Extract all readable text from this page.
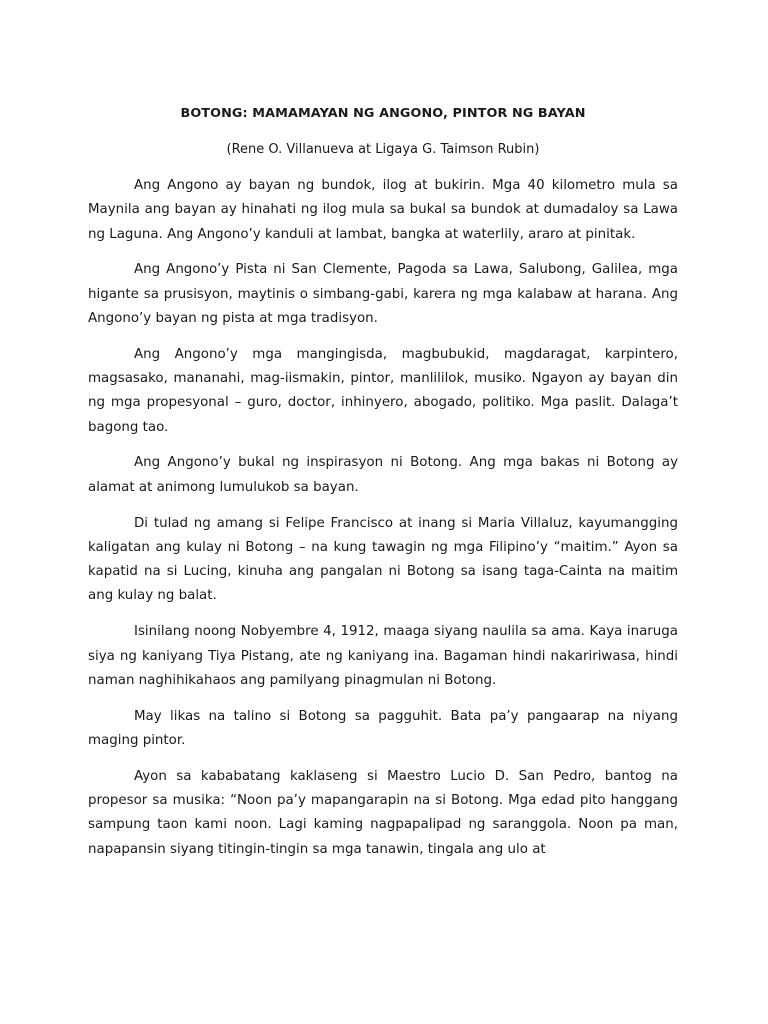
BOTONG: MAMAMAYAN NG ANGONO, PINTOR NG BAYAN
(Rene O. Villanueva at Ligaya G. Taimson Rubin)

Ang Angono ay bayan ng bundok, ilog at bukirin. Mga 40 kilometro mula sa Maynila ang bayan ay hinahati ng ilog mula sa bukal sa bundok at dumadaloy sa Lawa ng Laguna. Ang Angono’y kanduli at lambat, bangka at waterlily, araro at pinitak.

Ang Angono’y Pista ni San Clemente, Pagoda sa Lawa, Salubong, Galilea, mga higante sa prusisyon, maytinis o simbang-gabi, karera ng mga kalabaw at harana. Ang Angono’y bayan ng pista at mga tradisyon.

Ang Angono’y mga mangingisda, magbubukid, magdaragat, karpintero, magsasako, mananahi, mag-iismakin, pintor, manlililok, musiko. Ngayon ay bayan din ng mga propesyonal – guro, doctor, inhinyero, abogado, politiko. Mga paslit. Dalaga’t bagong tao.

Ang Angono’y bukal ng inspirasyon ni Botong. Ang mga bakas ni Botong ay alamat at animong lumulukob sa bayan.

Di tulad ng amang si Felipe Francisco at inang si Maria Villaluz, kayumangging kaligatan ang kulay ni Botong – na kung tawagin ng mga Filipino’y “maitim.” Ayon sa kapatid na si Lucing, kinuha ang pangalan ni Botong sa isang taga-Cainta na maitim ang kulay ng balat.

Isinilang noong Nobyembre 4, 1912, maaga siyang naulila sa ama. Kaya inaruga siya ng kaniyang Tiya Pistang, ate ng kaniyang ina. Bagaman hindi nakaririwasa, hindi naman naghihikahaos ang pamilyang pinagmulan ni Botong.

May likas na talino si Botong sa pagguhit. Bata pa’y pangaarap na niyang maging pintor.

Ayon sa kababatang kaklaseng si Maestro Lucio D. San Pedro, bantog na propesor sa musika: “Noon pa’y mapangarapin na si Botong. Mga edad pito hanggang sampung taon kami noon. Lagi kaming nagpapalipad ng saranggola. Noon pa man, napapansin siyang titingin-tingin sa mga tanawin, tingala ang ulo at
